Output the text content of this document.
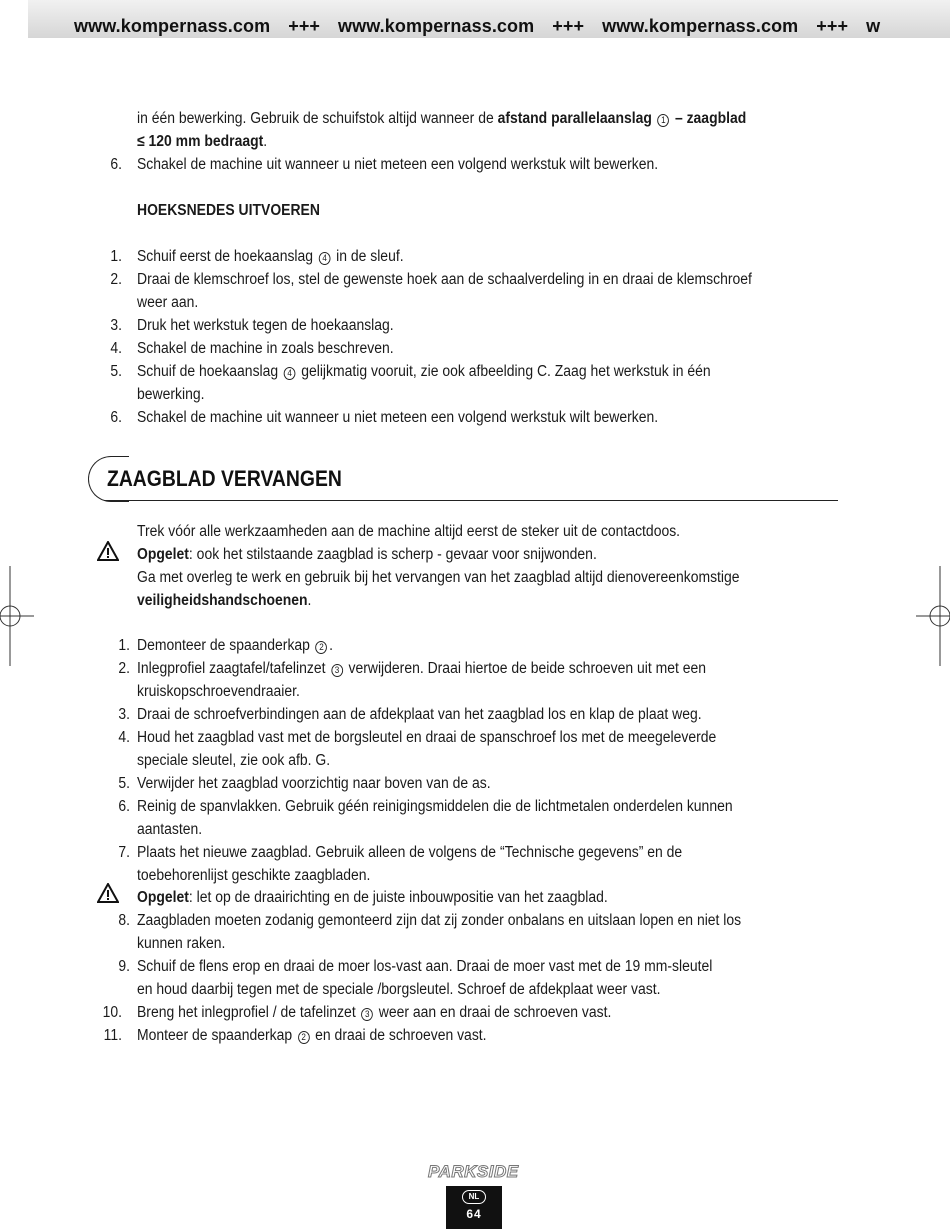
www.kompernass.com +++ www.kompernass.com +++ www.kompernass.com +++ w
in één bewerking. Gebruik de schuifstok altijd wanneer de afstand parallelaanslag 1 – zaagblad
≤ 120 mm bedraagt.
6. Schakel de machine uit wanneer u niet meteen een volgend werkstuk wilt bewerken.
HOEKSNEDES UITVOEREN
1. Schuif eerst de hoekaanslag 4 in de sleuf.
2. Draai de klemschroef los, stel de gewenste hoek aan de schaalverdeling in en draai de klemschroef
weer aan.
3. Druk het werkstuk tegen de hoekaanslag.
4. Schakel de machine in zoals beschreven.
5. Schuif de hoekaanslag 4 gelijkmatig vooruit, zie ook afbeelding C. Zaag het werkstuk in één
bewerking.
6. Schakel de machine uit wanneer u niet meteen een volgend werkstuk wilt bewerken.
ZAAGBLAD VERVANGEN
Trek vóór alle werkzaamheden aan de machine altijd eerst de steker uit de contactdoos.
Opgelet: ook het stilstaande zaagblad is scherp - gevaar voor snijwonden.
Ga met overleg te werk en gebruik bij het vervangen van het zaagblad altijd dienovereenkomstige
veiligheidshandschoenen.
1. Demonteer de spaanderkap 2 .
2. Inlegprofiel zaagtafel/tafelinzet 3 verwijderen. Draai hiertoe de beide schroeven uit met een
kruiskopschroevendraaier.
3. Draai de schroefverbindingen aan de afdekplaat van het zaagblad los en klap de plaat weg.
4. Houd het zaagblad vast met de borgsleutel en draai de spanschroef los met de meegeleverde
speciale sleutel, zie ook afb. G.
5. Verwijder het zaagblad voorzichtig naar boven van de as.
6. Reinig de spanvlakken. Gebruik géén reinigingsmiddelen die de lichtmetalen onderdelen kunnen
aantasten.
7. Plaats het nieuwe zaagblad. Gebruik alleen de volgens de “Technische gegevens” en de
toebehorenlijst geschikte zaagbladen.
Opgelet: let op de draairichting en de juiste inbouwpositie van het zaagblad.
8. Zaagbladen moeten zodanig gemonteerd zijn dat zij zonder onbalans en uitslaan lopen en niet los
kunnen raken.
9. Schuif de flens erop en draai de moer los-vast aan. Draai de moer vast met de 19 mm-sleutel
en houd daarbij tegen met de speciale /borgsleutel. Schroef de afdekplaat weer vast.
10. Breng het inlegprofiel / de tafelinzet 3 weer aan en draai de schroeven vast.
11. Monteer de spaanderkap 2 en draai de schroeven vast.
PARKSIDE
NL
64
